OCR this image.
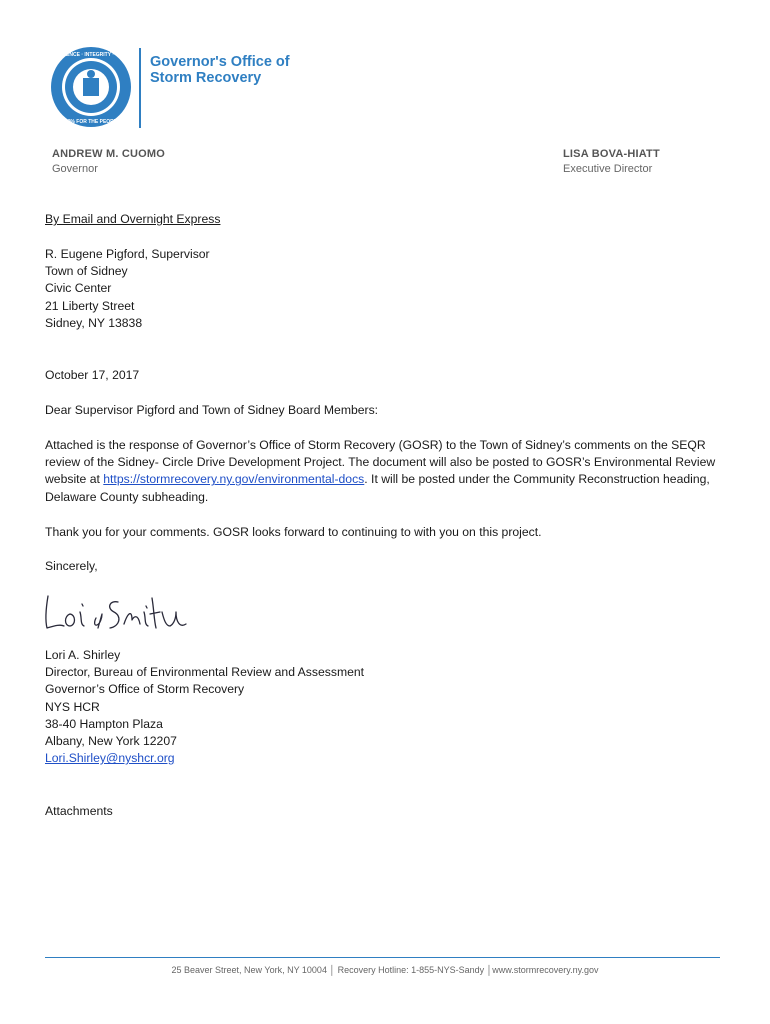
RESILIENCE · INTEGRITY · TRUST
100% FOR THE PEOPLE
Governor's Office of
Storm Recovery
ANDREW M. CUOMO
Governor
LISA BOVA-HIATT
Executive Director
By Email and Overnight Express
R. Eugene Pigford, Supervisor
Town of Sidney
Civic Center
21 Liberty Street
Sidney, NY 13838
October 17, 2017
Dear Supervisor Pigford and Town of Sidney Board Members:
Attached is the response of Governor’s Office of Storm Recovery (GOSR) to the Town of Sidney’s comments on the SEQR review of the Sidney- Circle Drive Development Project. The document will also be posted to GOSR’s Environmental Review website at https://stormrecovery.ny.gov/environmental-docs. It will be posted under the Community Reconstruction heading, Delaware County subheading.
Thank you for your comments. GOSR looks forward to continuing to with you on this project.
Sincerely,
Lori A. Shirley
Director, Bureau of Environmental Review and Assessment
Governor’s Office of Storm Recovery
NYS HCR
38-40 Hampton Plaza
Albany, New York 12207
Lori.Shirley@nyshcr.org
Attachments
25 Beaver Street, New York, NY 10004 │ Recovery Hotline: 1-855-NYS-Sandy │www.stormrecovery.ny.gov
